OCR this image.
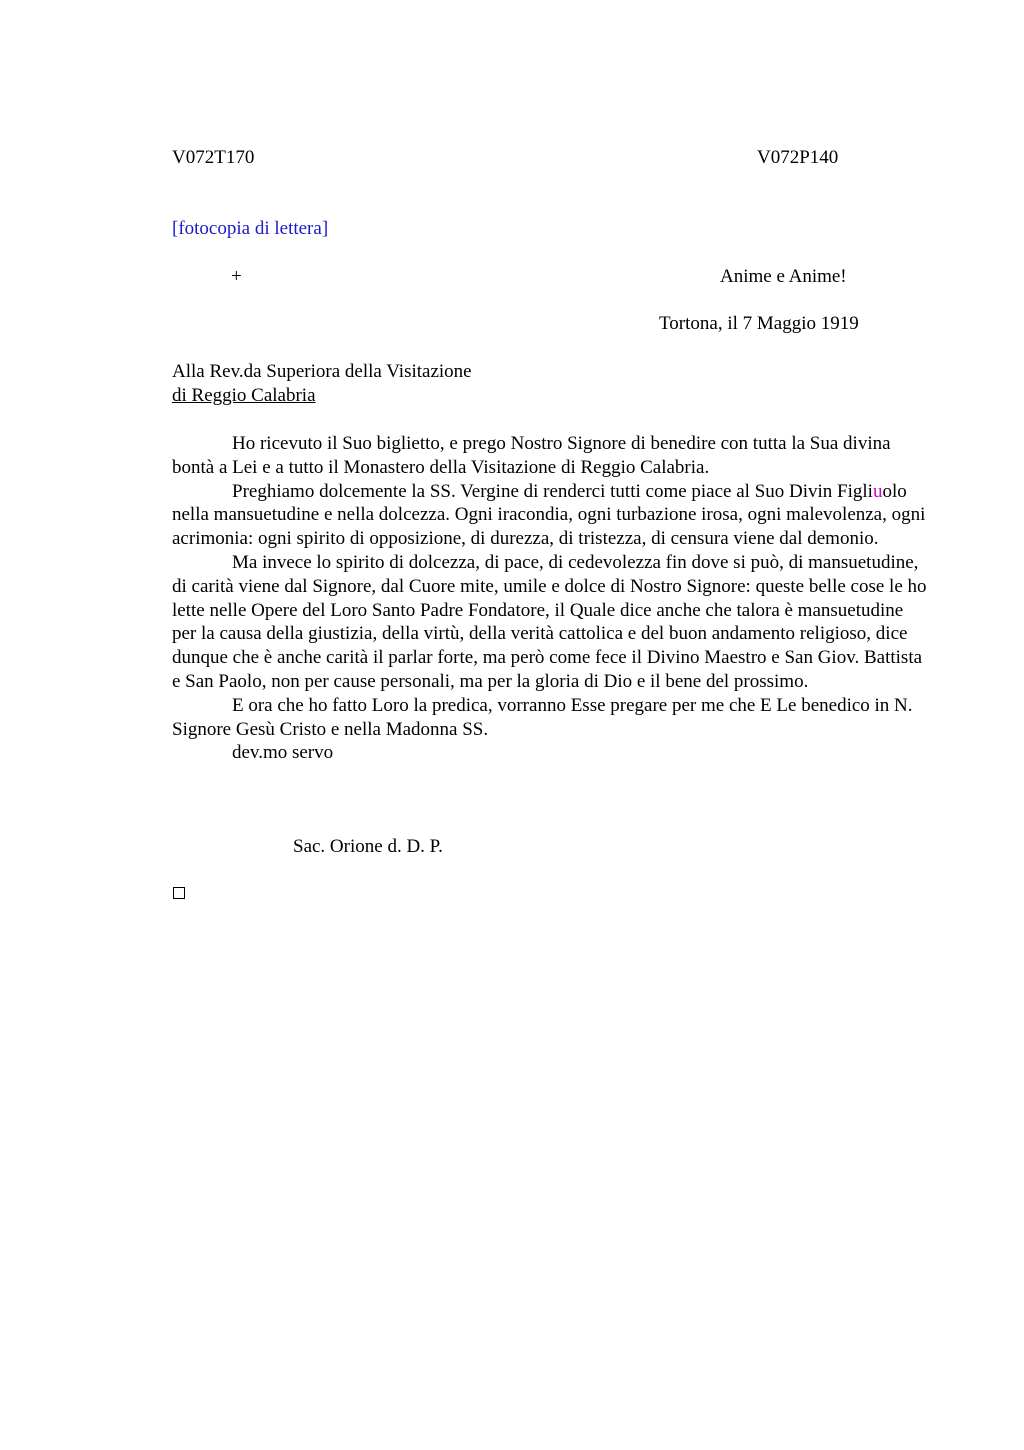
V072T170	V072P140
[fotocopia di lettera]
+	Anime e Anime!
Tortona, il 7 Maggio 1919
Alla Rev.da Superiora della Visitazione
di Reggio Calabria

Ho ricevuto il Suo biglietto, e prego Nostro Signore di benedire con tutta la Sua divina bontà a Lei e a tutto il Monastero della Visitazione di Reggio Calabria.

Preghiamo dolcemente la SS. Vergine di renderci tutti come piace al Suo Divin Figliuolo nella mansuetudine e nella dolcezza. Ogni iracondia, ogni turbazione irosa, ogni malevolenza, ogni acrimonia: ogni spirito di opposizione, di durezza, di tristezza, di censura viene dal demonio.

Ma invece lo spirito di dolcezza, di pace, di cedevolezza fin dove si può, di mansuetudine, di carità viene dal Signore, dal Cuore mite, umile e dolce di Nostro Signore: queste belle cose le ho lette nelle Opere del Loro Santo Padre Fondatore, il Quale dice anche che talora è mansuetudine per la causa della giustizia, della virtù, della verità cattolica e del buon andamento religioso, dice dunque che è anche carità il parlar forte, ma però come fece il Divino Maestro e San Giov. Battista e San Paolo, non per cause personali, ma per la gloria di Dio e il bene del prossimo.

E ora che ho fatto Loro la predica, vorranno Esse pregare per me che E Le benedico in N. Signore Gesù Cristo e nella Madonna SS.

dev.mo servo

Sac. Orione d. D. P.
